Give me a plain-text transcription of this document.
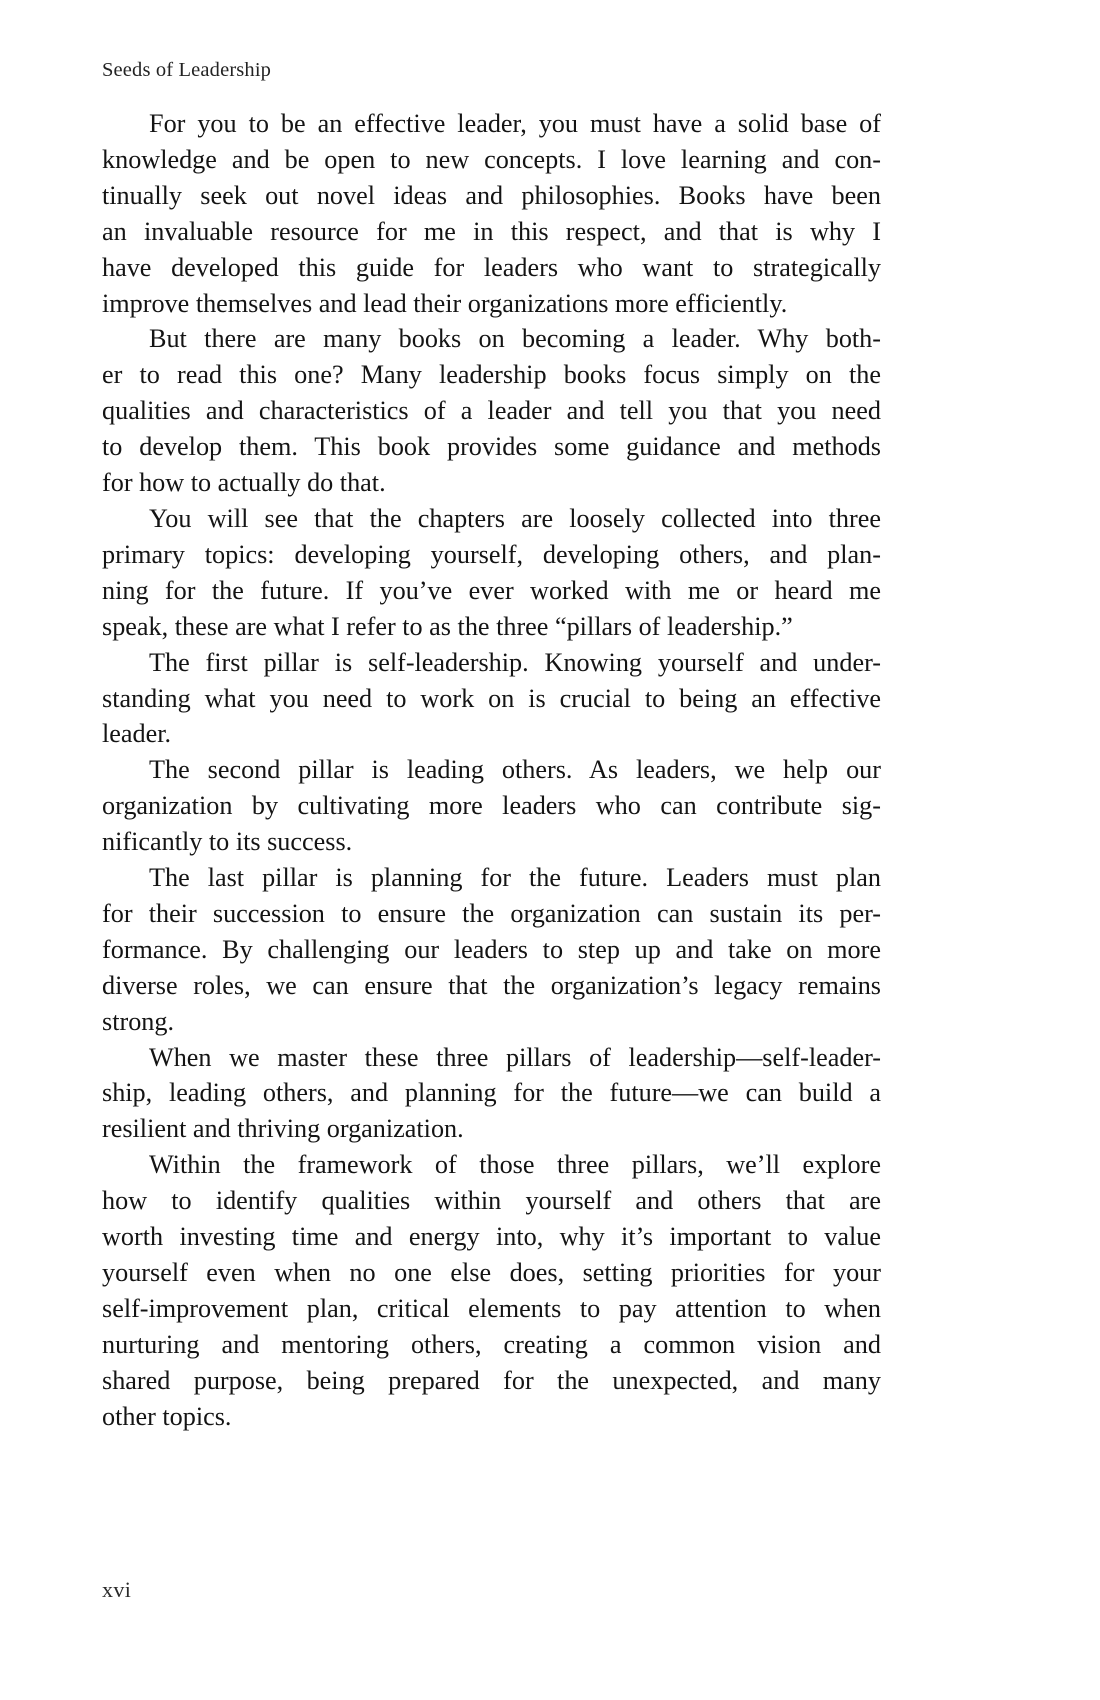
Seeds of Leadership

For you to be an effective leader, you must have a solid base of
knowledge and be open to new concepts. I love learning and con-
tinually seek out novel ideas and philosophies. Books have been
an invaluable resource for me in this respect, and that is why I
have developed this guide for leaders who want to strategically
improve themselves and lead their organizations more efficiently.

But there are many books on becoming a leader. Why both-
er to read this one? Many leadership books focus simply on the
qualities and characteristics of a leader and tell you that you need
to develop them. This book provides some guidance and methods
for how to actually do that.

You will see that the chapters are loosely collected into three
primary topics: developing yourself, developing others, and plan-
ning for the future. If you’ve ever worked with me or heard me
speak, these are what I refer to as the three “pillars of leadership.”

The first pillar is self-leadership. Knowing yourself and under-
standing what you need to work on is crucial to being an effective
leader.

The second pillar is leading others. As leaders, we help our
organization by cultivating more leaders who can contribute sig-
nificantly to its success.

The last pillar is planning for the future. Leaders must plan
for their succession to ensure the organization can sustain its per-
formance. By challenging our leaders to step up and take on more
diverse roles, we can ensure that the organization’s legacy remains
strong.

When we master these three pillars of leadership—self-leader-
ship, leading others, and planning for the future—we can build a
resilient and thriving organization.

Within the framework of those three pillars, we’ll explore
how to identify qualities within yourself and others that are
worth investing time and energy into, why it’s important to value
yourself even when no one else does, setting priorities for your
self-improvement plan, critical elements to pay attention to when
nurturing and mentoring others, creating a common vision and
shared purpose, being prepared for the unexpected, and many
other topics.

xvi
